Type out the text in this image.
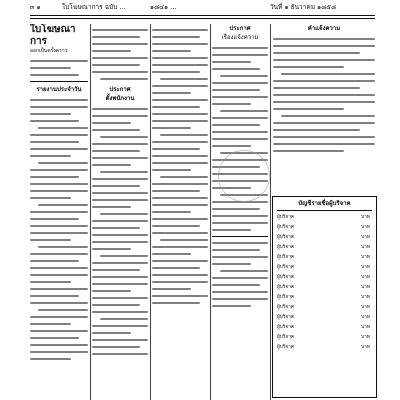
๓ ๑	ใบโฆษณาการ ฉบับ ...	๑๘๔๑ ...	วันที่ ๑ ธันวาคม ๑๘๕๘
ใบโฆษณาการ
ออกเป็นครั้งคราว
รายงานประจำวัน	ประกาศ
ตั้งพนักงาน
ประกาศ
เรื่องแจ้งความ
คำแจ้งความ
บัญชีรายชื่อผู้บริจาค
ผู้บริจาค	บาท
ผู้บริจาค	บาท
ผู้บริจาค	บาท
ผู้บริจาค	บาท
ผู้บริจาค	บาท
ผู้บริจาค	บาท
ผู้บริจาค	บาท
ผู้บริจาค	บาท
ผู้บริจาค	บาท
ผู้บริจาค	บาท
ผู้บริจาค	บาท
ผู้บริจาค	บาท
ผู้บริจาค	บาท
ผู้บริจาค	บาท
